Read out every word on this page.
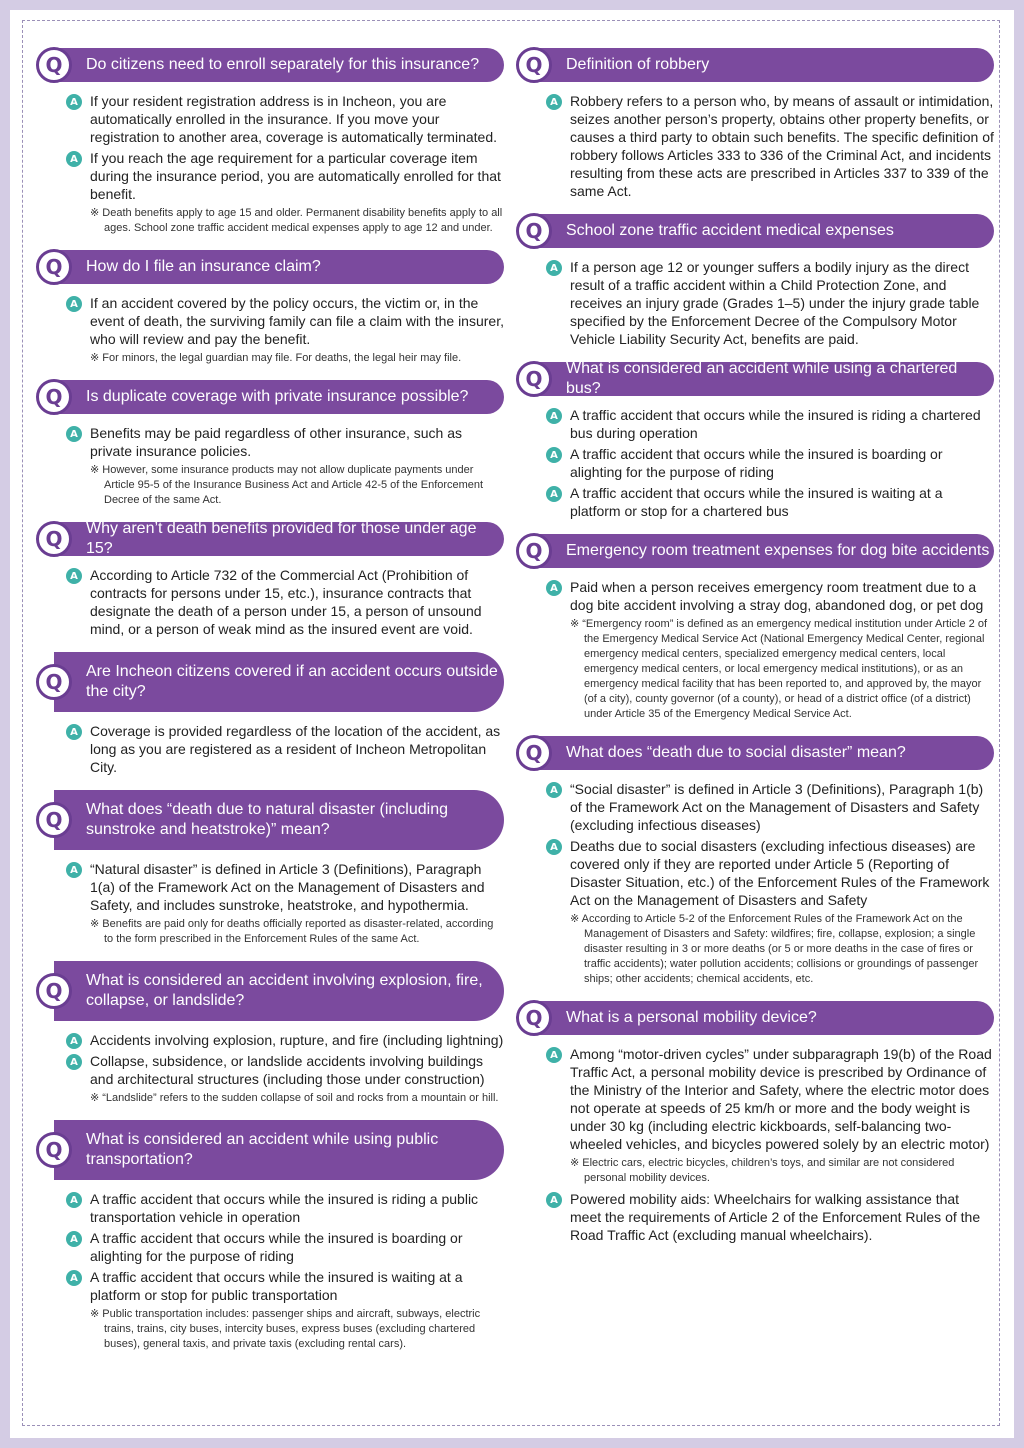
Do citizens need to enroll separately for this insurance?
Q
A If your resident registration address is in Incheon, you are automatically enrolled in the insurance. If you move your registration to another area, coverage is automatically terminated.
A If you reach the age requirement for a particular coverage item during the insurance period, you are automatically enrolled for that benefit.
※ Death benefits apply to age 15 and older. Permanent disability benefits apply to all ages. School zone traffic accident medical expenses apply to age 12 and under.
How do I file an insurance claim?
Q
A If an accident covered by the policy occurs, the victim or, in the event of death, the surviving family can file a claim with the insurer, who will review and pay the benefit.
※ For minors, the legal guardian may file. For deaths, the legal heir may file.
Is duplicate coverage with private insurance possible?
Q
A Benefits may be paid regardless of other insurance, such as private insurance policies.
※ However, some insurance products may not allow duplicate payments under Article 95-5 of the Insurance Business Act and Article 42-5 of the Enforcement Decree of the same Act.
Why aren’t death benefits provided for those under age 15?
Q
A According to Article 732 of the Commercial Act (Prohibition of contracts for persons under 15, etc.), insurance contracts that designate the death of a person under 15, a person of unsound mind, or a person of weak mind as the insured event are void.
Are Incheon citizens covered if an accident occurs outside the city?
Q
A Coverage is provided regardless of the location of the accident, as long as you are registered as a resident of Incheon Metropolitan City.
What does “death due to natural disaster (including sunstroke and heatstroke)” mean?
Q
A “Natural disaster” is defined in Article 3 (Definitions), Paragraph 1(a) of the Framework Act on the Management of Disasters and Safety, and includes sunstroke, heatstroke, and hypothermia.
※ Benefits are paid only for deaths officially reported as disaster-related, according to the form prescribed in the Enforcement Rules of the same Act.
What is considered an accident involving explosion, fire, collapse, or landslide?
Q
A Accidents involving explosion, rupture, and fire (including lightning)
A Collapse, subsidence, or landslide accidents involving buildings and architectural structures (including those under construction)
※ “Landslide” refers to the sudden collapse of soil and rocks from a mountain or hill.
What is considered an accident while using public transportation?
Q
A A traffic accident that occurs while the insured is riding a public transportation vehicle in operation
A A traffic accident that occurs while the insured is boarding or alighting for the purpose of riding
A A traffic accident that occurs while the insured is waiting at a platform or stop for public transportation
※ Public transportation includes: passenger ships and aircraft, subways, electric trains, trains, city buses, intercity buses, express buses (excluding chartered buses), general taxis, and private taxis (excluding rental cars).
Definition of robbery
Q
A Robbery refers to a person who, by means of assault or intimidation, seizes another person’s property, obtains other property benefits, or causes a third party to obtain such benefits. The specific definition of robbery follows Articles 333 to 336 of the Criminal Act, and incidents resulting from these acts are prescribed in Articles 337 to 339 of the same Act.
School zone traffic accident medical expenses
Q
A If a person age 12 or younger suffers a bodily injury as the direct result of a traffic accident within a Child Protection Zone, and receives an injury grade (Grades 1–5) under the injury grade table specified by the Enforcement Decree of the Compulsory Motor Vehicle Liability Security Act, benefits are paid.
What is considered an accident while using a chartered bus?
Q
A A traffic accident that occurs while the insured is riding a chartered bus during operation
A A traffic accident that occurs while the insured is boarding or alighting for the purpose of riding
A A traffic accident that occurs while the insured is waiting at a platform or stop for a chartered bus
Emergency room treatment expenses for dog bite accidents
Q
A Paid when a person receives emergency room treatment due to a dog bite accident involving a stray dog, abandoned dog, or pet dog
※ “Emergency room” is defined as an emergency medical institution under Article 2 of the Emergency Medical Service Act (National Emergency Medical Center, regional emergency medical centers, specialized emergency medical centers, local emergency medical centers, or local emergency medical institutions), or as an emergency medical facility that has been reported to, and approved by, the mayor (of a city), county governor (of a county), or head of a district office (of a district) under Article 35 of the Emergency Medical Service Act.
What does “death due to social disaster” mean?
Q
A “Social disaster” is defined in Article 3 (Definitions), Paragraph 1(b) of the Framework Act on the Management of Disasters and Safety (excluding infectious diseases)
A Deaths due to social disasters (excluding infectious diseases) are covered only if they are reported under Article 5 (Reporting of Disaster Situation, etc.) of the Enforcement Rules of the Framework Act on the Management of Disasters and Safety
※ According to Article 5-2 of the Enforcement Rules of the Framework Act on the Management of Disasters and Safety: wildfires; fire, collapse, explosion; a single disaster resulting in 3 or more deaths (or 5 or more deaths in the case of fires or traffic accidents); water pollution accidents; collisions or groundings of passenger ships; other accidents; chemical accidents, etc.
What is a personal mobility device?
Q
A Among “motor-driven cycles” under subparagraph 19(b) of the Road Traffic Act, a personal mobility device is prescribed by Ordinance of the Ministry of the Interior and Safety, where the electric motor does not operate at speeds of 25 km/h or more and the body weight is under 30 kg (including electric kickboards, self-balancing two-wheeled vehicles, and bicycles powered solely by an electric motor)
※ Electric cars, electric bicycles, children’s toys, and similar are not considered personal mobility devices.
A Powered mobility aids: Wheelchairs for walking assistance that meet the requirements of Article 2 of the Enforcement Rules of the Road Traffic Act (excluding manual wheelchairs).
